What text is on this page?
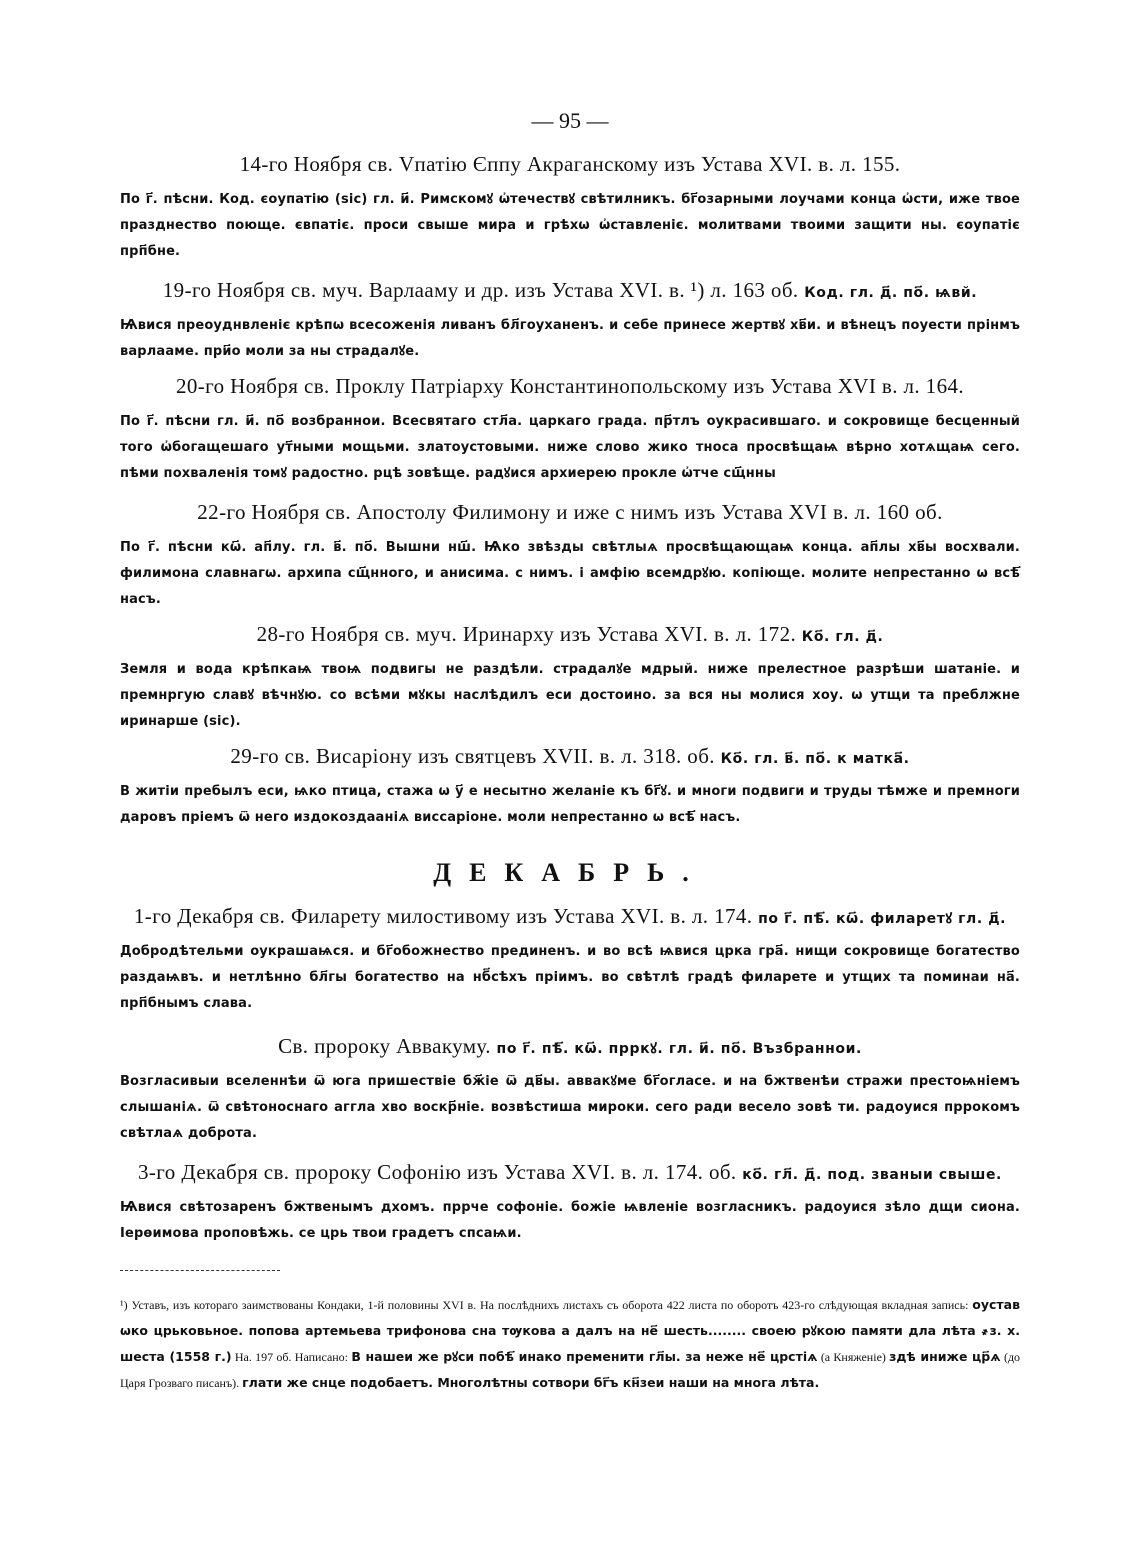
— 95 —
14-го Ноября св. Vпатію Єппу Акраганскому изъ Устава XVI. в. л. 155.

По г҃. пѣсни. Код. єоупатію (sic) гл. и҃. Римскомꙋ ѡ҆течествꙋ свѣтилникъ. бг҃озарными лоучами конца ѡ҆сти, иже твое празднество поюще. євпатіє. проси свыше мира и грѣхѡ ѡ҆ставленіє. молитвами твоими защити ны. єоупатіє прп҃бне.

19-го Ноября св. муч. Варлааму и др. изъ Устава XVI. в. ¹) л. 163 об. Код. гл. д҃. по҃. ѩвй.

Ѩвися преоуднвленіє крѣпѡ всесоженія ливанъ бл҃гоуханенъ. и себе принесе жертвꙋ хв҃и. и вѣнецъ поуести прінмъ варлааме. при҃о моли за ны страдалꙋе.

20-го Ноября св. Проклу Патріарху Константинопольскому изъ Устава XVI в. л. 164.

По г҃. пѣсни гл. и҃. по҃ возбраннои. Всесвятаго стл҃а. царкаго града. пр҃тлъ оукрасившаго. и сокровище бесценный того ѡ҆богащешаго ут҃ными мощьми. златоустовыми. ниже слово жико тноса просвѣщаѩ вѣрно хотѧщаѩ сего. пѣми похваленія томꙋ радостно. рцѣ зовѣще. радꙋися архиерею прокле ѡ҆тче сщ҃нны

22-го Ноября св. Апостолу Филимону и иже с нимъ изъ Устава XVI в. л. 160 об.

По г҃. пѣсни кѡ҃. ап҃лу. гл. в҃. по҃. Вышни нш҃. Ѩко звѣзды свѣтлыѧ просвѣщающаѩ конца. ап҃лы хв҃ы восхвали. филимона славнагѡ. архипа сщ҃нного, и анисима. с нимъ. і амфію всемдрꙋю. копіюще. молите непрестанно ѡ всѣ҃ насъ.

28-го Ноября св. муч. Иринарху изъ Устава XVI. в. л. 172. Ко҃. гл. д҃.

Земля и вода крѣпкаѩ твоѩ подвигы не раздѣли. страдалꙋе мдрый. ниже прелестное разрѣши шатаніе. и премнргую славꙋ вѣчнꙋю. со всѣми мꙋкы наслѣдилъ еси достоино. за вся ны молися хоу. ѡ утщи та преблжне иринарше (sic).

29-го св. Висаріону изъ святцевъ XVII. в. л. 318. об. Ко҃. гл. в҃. по҃. к матка҃.

В житіи пребылъ еси, ѩко птица, стажа ѡ у҃ е несытно желаніе къ бг҃ꙋ. и многи подвиги и труды тѣмже и премноги даровъ пріемъ ѿ него издокоздааніѧ виссаріоне. моли непрестанно ѡ всѣ҃ насъ.

ДЕКАБРЬ.
1-го Декабря св. Филарету милостивому изъ Устава XVI. в. л. 174. по г҃. пѣ҃. кѡ҃. филаретꙋ гл. д҃.

Добродѣтельми оукрашаѩся. и бг҃обожнество прединенъ. и во всѣ ѩвися црка гра҃. нищи сокровище богатество раздаѩвъ. и нетлѣнно бл҃гы богатество на нб҃сѣхъ пріимъ. во свѣтлѣ градѣ филарете и утщих та поминаи на҃. прп҃бнымъ слава.

Св. пророку Аввакуму. по г҃. пѣ҃. кѡ҃. прркꙋ. гл. и҃. по҃. Възбраннои.

Возгласивыи вселеннѣи ѿ юга пришествіе бж҃іе ѿ дв҃ы. аввакꙋме бг҃огласе. и на бжтвенѣи стражи престоѩніемъ слышаніѧ. ѿ свѣтоноснаго аггла хво воскр҃ніе. возвѣстиша мироки. сего ради весело зовѣ ти. радоуися пррокомъ свѣтлаѧ доброта.

3-го Декабря св. пророку Софонію изъ Устава XVI. в. л. 174. об. ко҃. гл҃. д҃. под. званыи свыше.

Ѩвися свѣтозаренъ бжтвенымъ дхомъ. пррче софоніе. божіе ѩвленіе возгласникъ. радоуися зѣло дщи сиона. Іерѳимова проповѣжь. се црь твои градетъ спсаѩи.

¹) Уставъ, изъ котораго заимствованы Кондаки, 1-й половины XVI в. На послѣднихъ листахъ съ оборота 422 листа по оборотъ 423-го слѣдующая вкладная запись: оустав ѡко црьковьное. попова артемьева трифонова сна тѹкова а далъ на не҃ шесть........ своею рꙋкою памяти дла лѣта ҂з. х. шеста (1558 г.) На. 197 об. Написано: В нашеи же рꙋси побѣ҃ инако пременити гл҃ы. за неже не҃ црстіѧ (а Княженіе) здѣ иниже цр҃ѧ (до Царя Грозваго писанъ). глати же снце подобаетъ. Многолѣтны сотвори бг҃ъ кн҃зеи наши на многа лѣта.
